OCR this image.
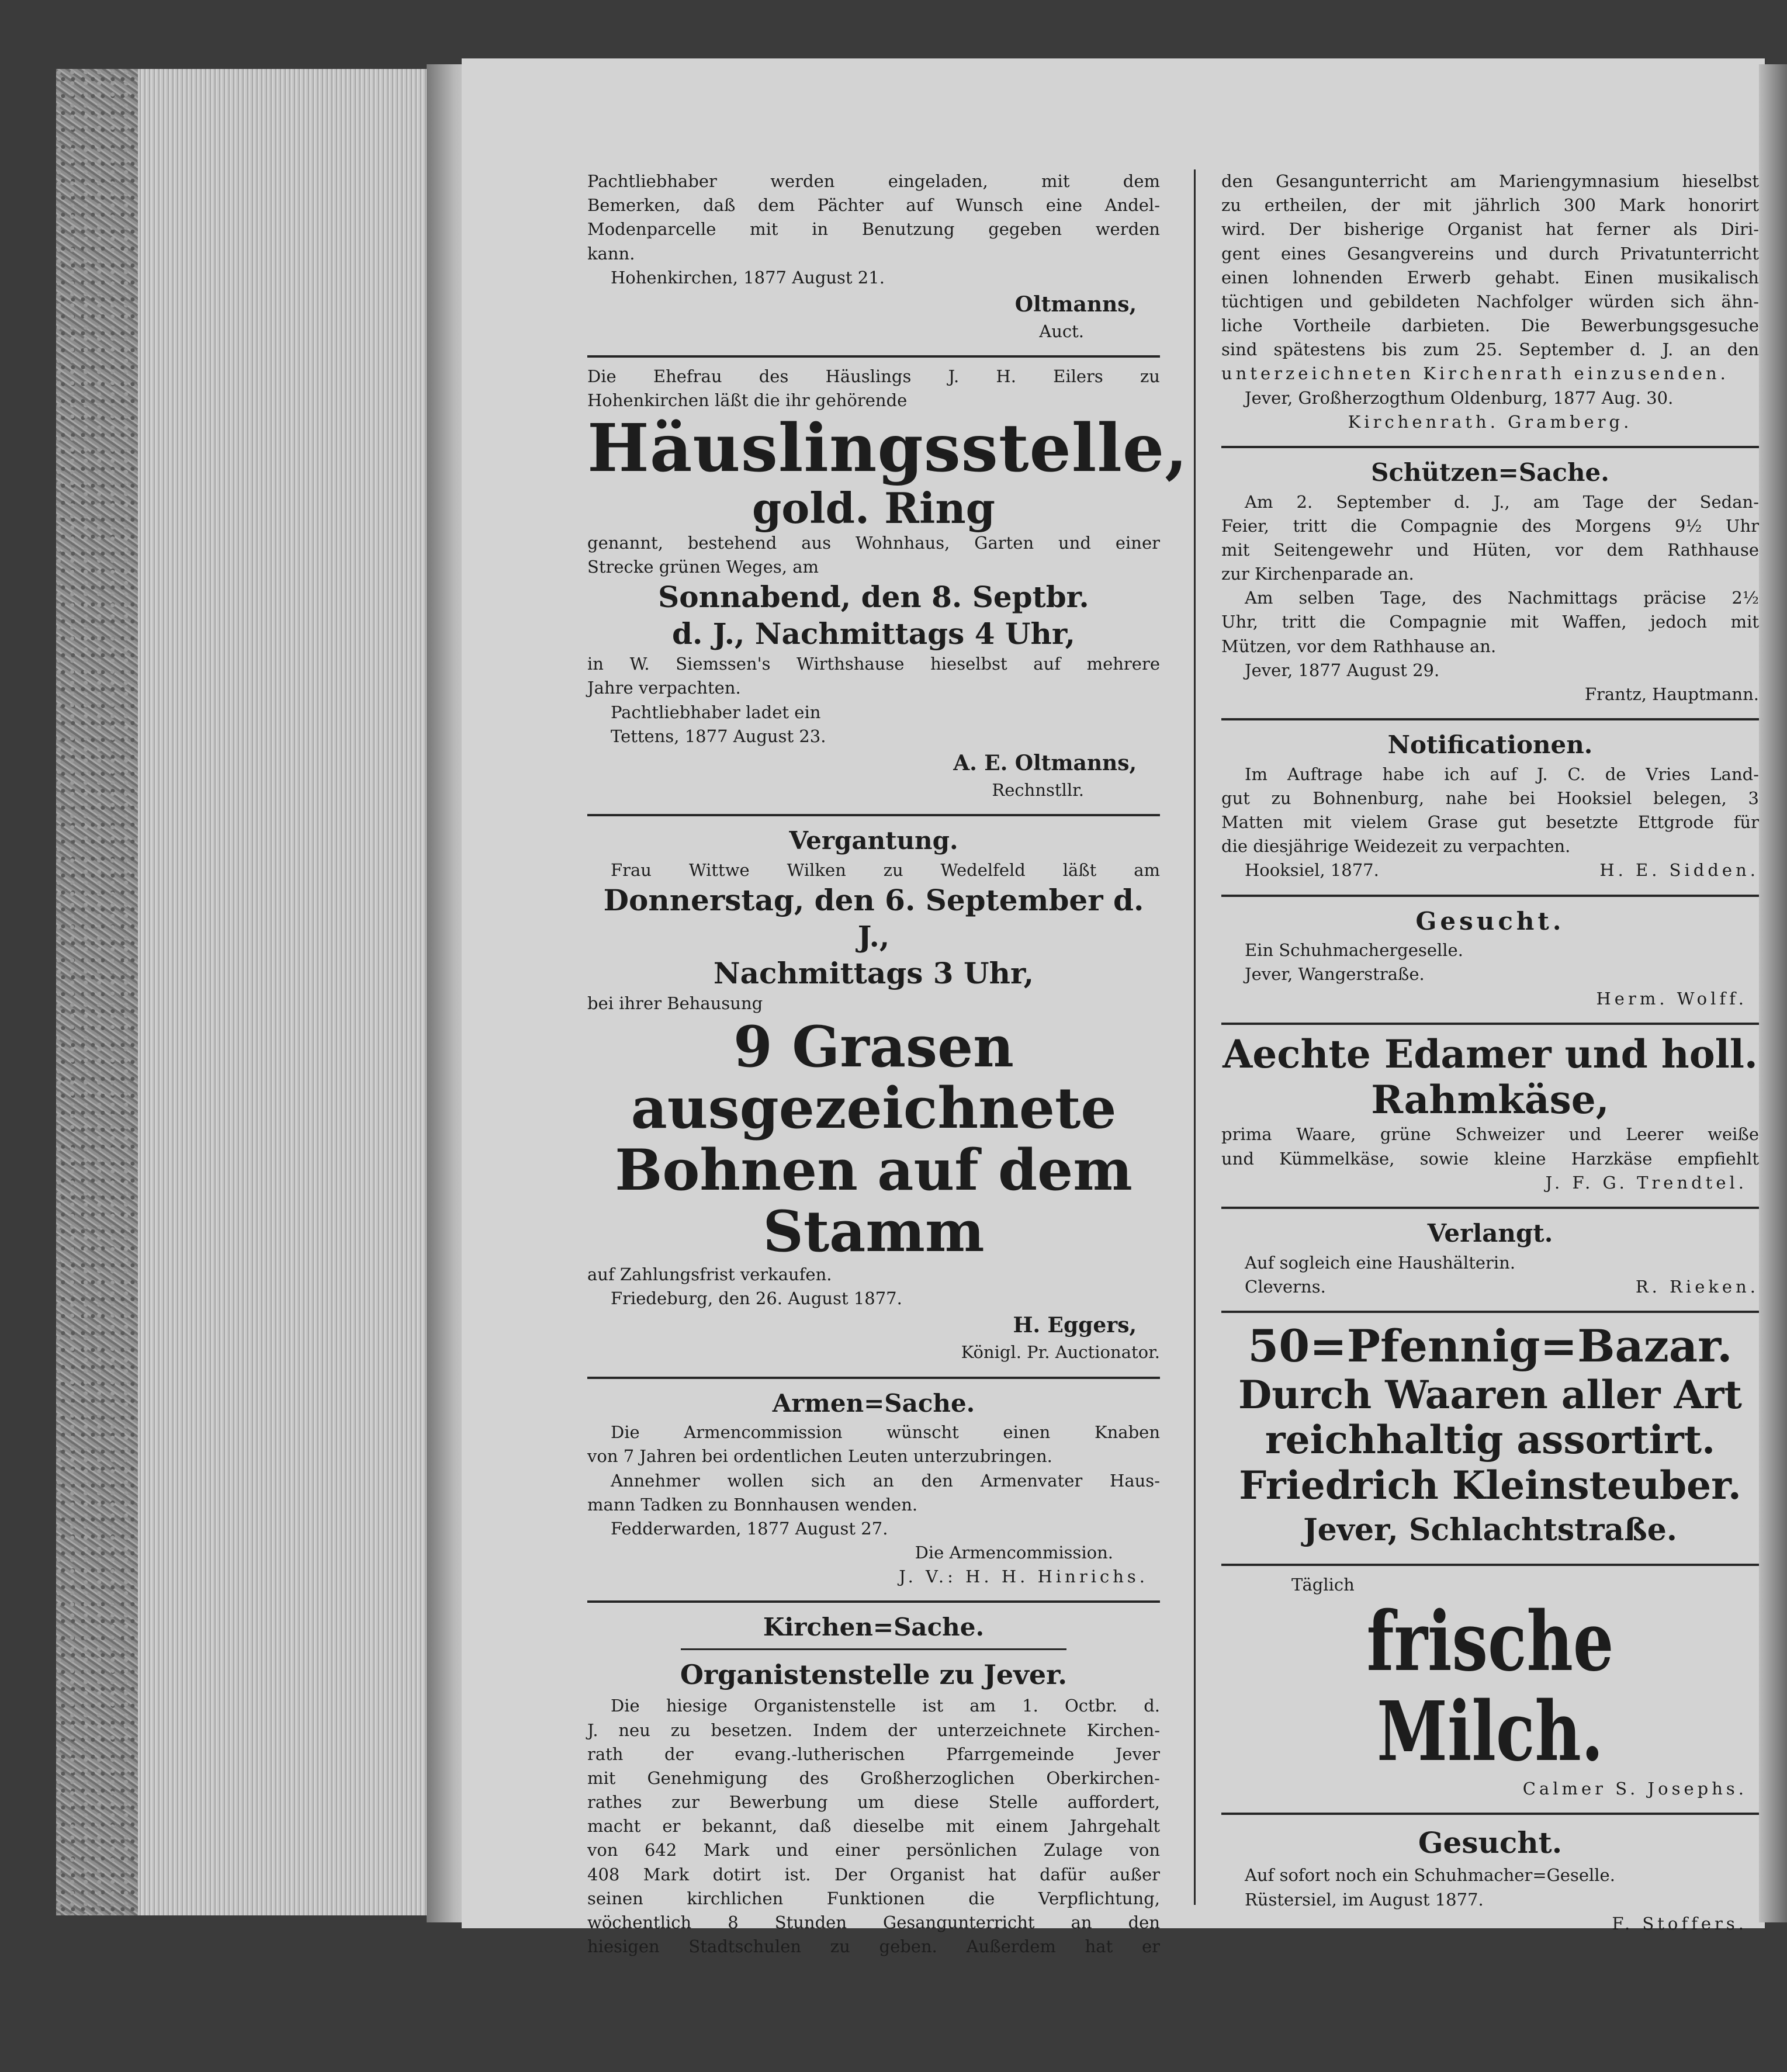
Pachtliebhaber werden eingeladen, mit dem

Bemerken, daß dem Pächter auf Wunsch eine Andel-

Modenparcelle mit in Benutzung gegeben werden

kann.

Hohenkirchen, 1877 August 21.

Oltmanns,

Auct.

Die Ehefrau des Häuslings J. H. Eilers zu

Hohenkirchen läßt die ihr gehörende

Häuslingsstelle,

gold. Ring

genannt, bestehend aus Wohnhaus, Garten und einer

Strecke grünen Weges, am

Sonnabend, den 8. Septbr.

d. J., Nachmittags 4 Uhr,

in W. Siemssen's Wirthshause hieselbst auf mehrere

Jahre verpachten.

Pachtliebhaber ladet ein

Tettens, 1877 August 23.

A. E. Oltmanns,

Rechnstllr.

Vergantung.

Frau Wittwe Wilken zu Wedelfeld läßt am

Donnerstag, den 6. September d. J.,

Nachmittags 3 Uhr,

bei ihrer Behausung

9 Grasen ausgezeichnete

Bohnen auf dem Stamm

auf Zahlungsfrist verkaufen.

Friedeburg, den 26. August 1877.

H. Eggers,

Königl. Pr. Auctionator.

Armen=Sache.

Die Armencommission wünscht einen Knaben

von 7 Jahren bei ordentlichen Leuten unterzubringen.

Annehmer wollen sich an den Armenvater Haus-

mann Tadken zu Bonnhausen wenden.

Fedderwarden, 1877 August 27.

Die Armencommission.

J. V.: H. H. Hinrichs.

Kirchen=Sache.

Organistenstelle zu Jever.

Die hiesige Organistenstelle ist am 1. Octbr. d.

J. neu zu besetzen. Indem der unterzeichnete Kirchen-

rath der evang.-lutherischen Pfarrgemeinde Jever

mit Genehmigung des Großherzoglichen Oberkirchen-

rathes zur Bewerbung um diese Stelle auffordert,

macht er bekannt, daß dieselbe mit einem Jahrgehalt

von 642 Mark und einer persönlichen Zulage von

408 Mark dotirt ist. Der Organist hat dafür außer

seinen kirchlichen Funktionen die Verpflichtung,

wöchentlich 8 Stunden Gesangunterricht an den

hiesigen Stadtschulen zu geben. Außerdem hat er

den Gesangunterricht am Mariengymnasium hieselbst

zu ertheilen, der mit jährlich 300 Mark honorirt

wird. Der bisherige Organist hat ferner als Diri-

gent eines Gesangvereins und durch Privatunterricht

einen lohnenden Erwerb gehabt. Einen musikalisch

tüchtigen und gebildeten Nachfolger würden sich ähn-

liche Vortheile darbieten. Die Bewerbungsgesuche

sind spätestens bis zum 25. September d. J. an den

unterzeichneten Kirchenrath einzusenden.

Jever, Großherzogthum Oldenburg, 1877 Aug. 30.

Kirchenrath. Gramberg.

Schützen=Sache.

Am 2. September d. J., am Tage der Sedan-

Feier, tritt die Compagnie des Morgens 9½ Uhr

mit Seitengewehr und Hüten, vor dem Rathhause

zur Kirchenparade an.

Am selben Tage, des Nachmittags präcise 2½

Uhr, tritt die Compagnie mit Waffen, jedoch mit

Mützen, vor dem Rathhause an.

Jever, 1877 August 29.

Frantz, Hauptmann.

Notificationen.

Im Auftrage habe ich auf J. C. de Vries Land-

gut zu Bohnenburg, nahe bei Hooksiel belegen, 3

Matten mit vielem Grase gut besetzte Ettgrode für

die diesjährige Weidezeit zu verpachten.

Hooksiel, 1877.	H. E. Sidden.

Gesucht.

Ein Schuhmachergeselle.

Jever, Wangerstraße.

Herm. Wolff.

Aechte Edamer und holl.

Rahmkäse,

prima Waare, grüne Schweizer und Leerer weiße

und Kümmelkäse, sowie kleine Harzkäse empfiehlt

J. F. G. Trendtel.

Verlangt.

Auf sogleich eine Haushälterin.

Cleverns.	R. Rieken.

50=Pfennig=Bazar.

Durch Waaren aller Art

reichhaltig assortirt.

Friedrich Kleinsteuber.

Jever, Schlachtstraße.

Täglich

frische Milch.

Calmer S. Josephs.

Gesucht.

Auf sofort noch ein Schuhmacher=Geselle.

Rüstersiel, im August 1877.

F. Stoffers.
